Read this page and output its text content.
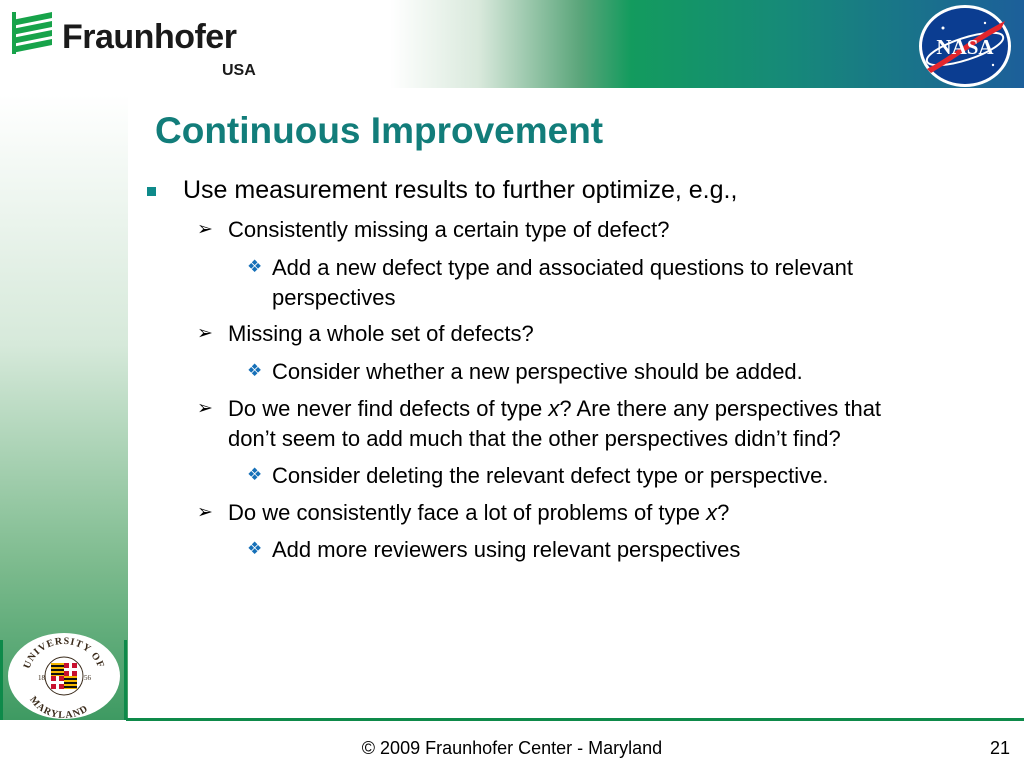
Fraunhofer
USA
NASA
UNIVERSITY OF
MARYLAND
18	56
Continuous Improvement
Use measurement results to further optimize, e.g.,
➢ Consistently missing a certain type of defect?
❖ Add a new defect type and associated questions to relevant
perspectives
➢ Missing a whole set of defects?
❖ Consider whether a new perspective should be added.
➢ Do we never find defects of type x? Are there any perspectives that
don’t seem to add much that the other perspectives didn’t find?
❖ Consider deleting the relevant defect type or perspective.
➢ Do we consistently face a lot of problems of type x?
❖ Add more reviewers using relevant perspectives
© 2009 Fraunhofer Center - Maryland	21
